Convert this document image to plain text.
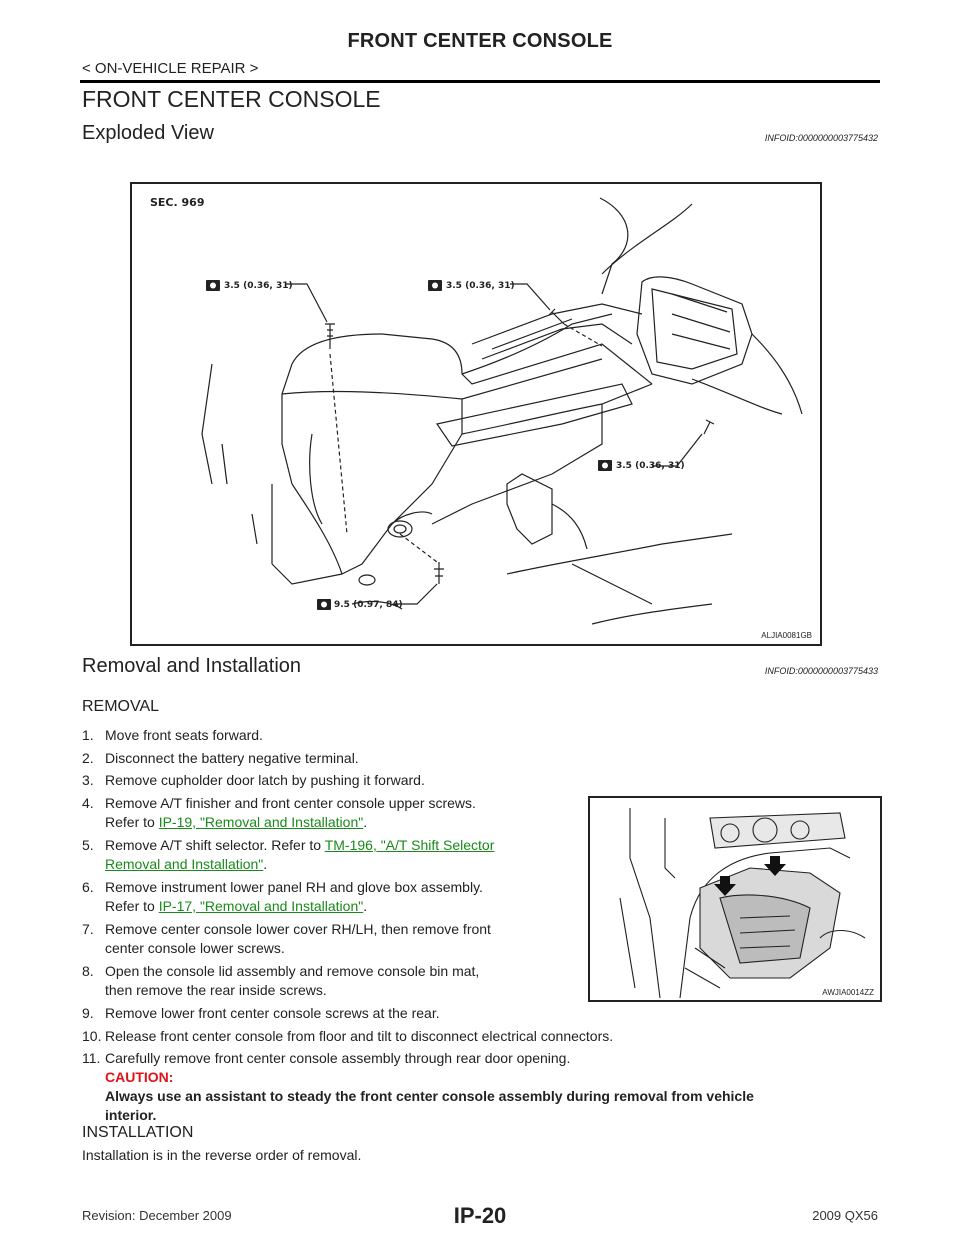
FRONT CENTER CONSOLE
< ON-VEHICLE REPAIR >
FRONT CENTER CONSOLE
Exploded View	INFOID:0000000003775432
SEC. 969
3.5 (0.36, 31)	3.5 (0.36, 31)
3.5 (0.36, 31)
9.5 (0.97, 84)
ALJIA0081GB
Removal and Installation	INFOID:0000000003775433
REMOVAL
1. Move front seats forward.
2. Disconnect the battery negative terminal.
3. Remove cupholder door latch by pushing it forward.
4. Remove A/T finisher and front center console upper screws.
Refer to IP-19, "Removal and Installation".
5. Remove A/T shift selector. Refer to TM-196, "A/T Shift Selector
Removal and Installation".
6. Remove instrument lower panel RH and glove box assembly.
Refer to IP-17, "Removal and Installation".
7. Remove center console lower cover RH/LH, then remove front
center console lower screws.
8. Open the console lid assembly and remove console bin mat,
then remove the rear inside screws.
9. Remove lower front center console screws at the rear.
10. Release front center console from floor and tilt to disconnect electrical connectors.
11. Carefully remove front center console assembly through rear door opening.
CAUTION:
Always use an assistant to steady the front center console assembly during removal from vehicle
interior.
AWJIA0014ZZ
INSTALLATION
Installation is in the reverse order of removal.
Revision: December 2009	IP-20	2009 QX56
